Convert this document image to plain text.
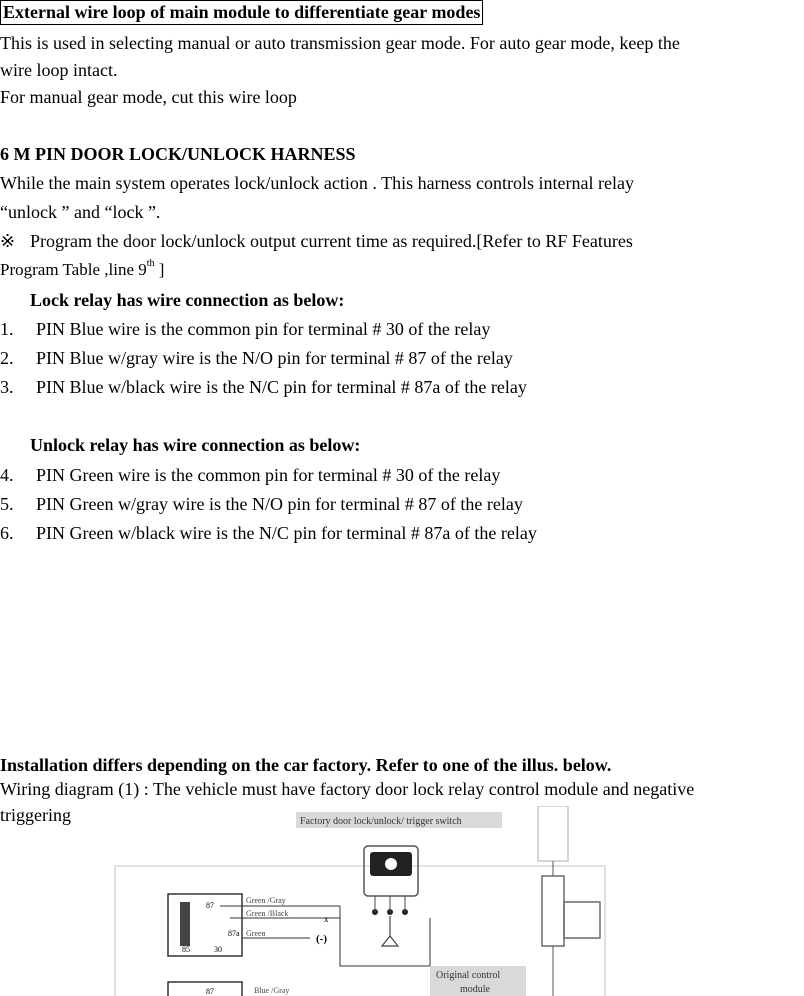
External wire loop of main module to differentiate gear modes
This is used in selecting manual or auto transmission gear mode. For auto gear mode, keep the
wire loop intact.
For manual gear mode, cut this wire loop
6 M PIN DOOR LOCK/UNLOCK HARNESS
While the main system operates lock/unlock action . This harness controls internal relay
“unlock ” and “lock ”.
※ Program the door lock/unlock output current time as required.[Refer to RF Features
Program Table ,line 9th ]
Lock relay has wire connection as below:
1. PIN Blue wire is the common pin for terminal # 30 of the relay
2. PIN Blue w/gray wire is the N/O pin for terminal # 87 of the relay
3. PIN Blue w/black wire is the N/C pin for terminal # 87a of the relay
Unlock relay has wire connection as below:
4. PIN Green wire is the common pin for terminal # 30 of the relay
5. PIN Green w/gray wire is the N/O pin for terminal # 87 of the relay
6. PIN Green w/black wire is the N/C pin for terminal # 87a of the relay
Installation differs depending on the car factory. Refer to one of the illus. below.
Wiring diagram (1) : The vehicle must have factory door lock relay control module and negative
triggering	Factory door lock/unlock/ trigger switch
87
87a
85	30
Green /Gray
Green /Black
Green
x
(-)
Original control
module
87	Blue /Gray
